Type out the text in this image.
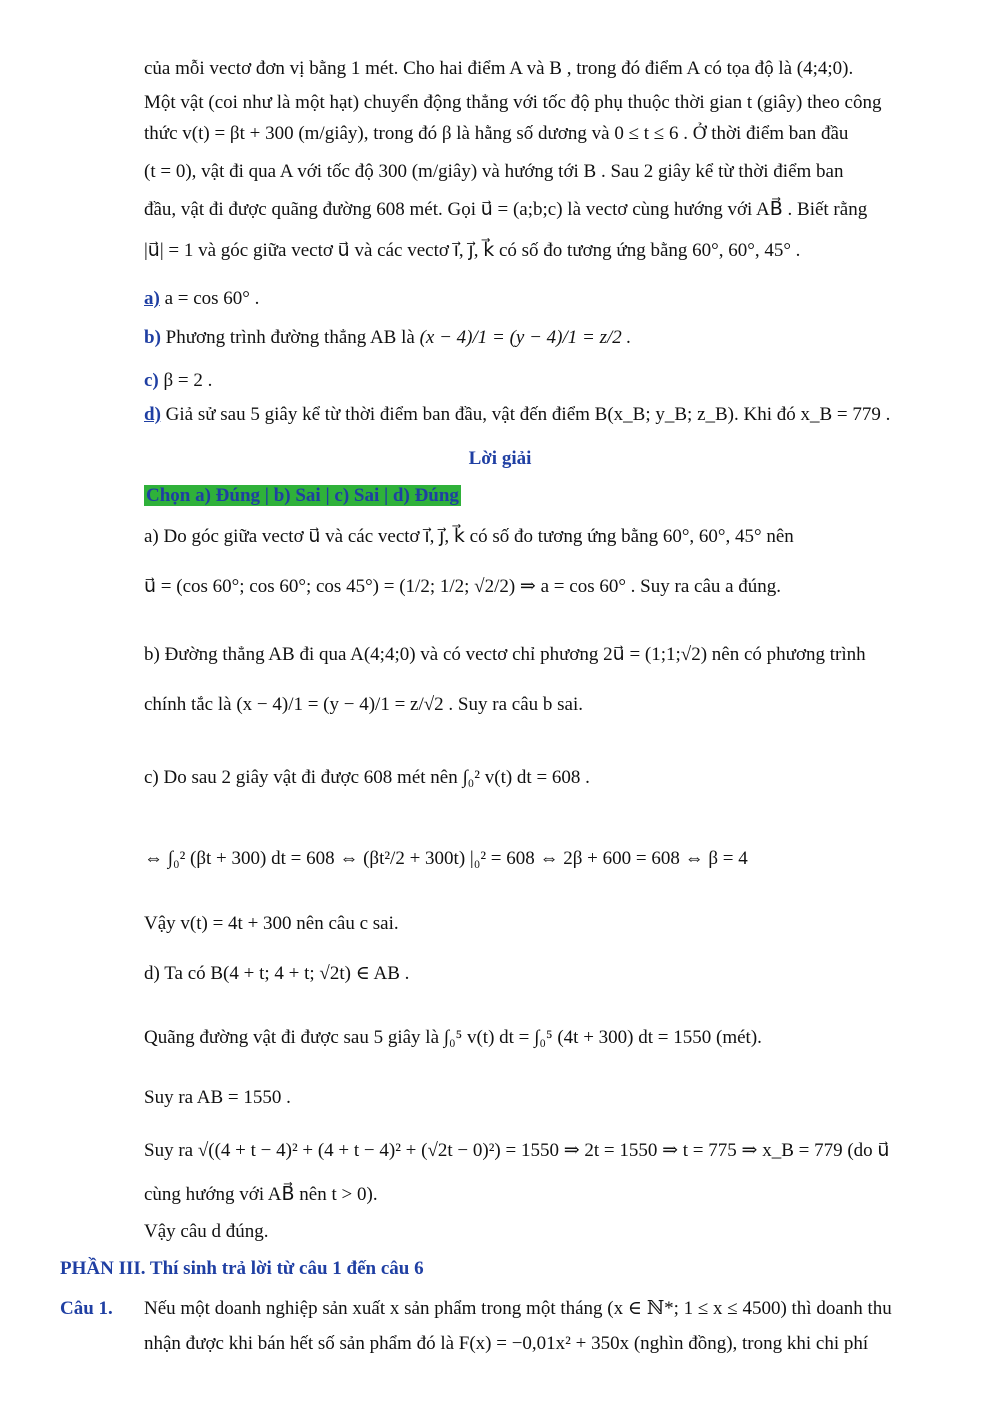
của mỗi vectơ đơn vị bằng 1 mét. Cho hai điểm A và B , trong đó điểm A có tọa độ là (4;4;0).
Một vật (coi như là một hạt) chuyển động thẳng với tốc độ phụ thuộc thời gian t (giây) theo công
thức v(t) = βt + 300 (m/giây), trong đó β là hằng số dương và 0 ≤ t ≤ 6 . Ở thời điểm ban đầu
(t = 0), vật đi qua A với tốc độ 300 (m/giây) và hướng tới B . Sau 2 giây kể từ thời điểm ban
đầu, vật đi được quãng đường 608 mét. Gọi u⃗ = (a;b;c) là vectơ cùng hướng với AB⃗ . Biết rằng
|u⃗| = 1 và góc giữa vectơ u⃗ và các vectơ i⃗, j⃗, k⃗ có số đo tương ứng bằng 60°, 60°, 45° .
a) a = cos 60° .
b) Phương trình đường thẳng AB là (x − 4)/1 = (y − 4)/1 = z/2 .
c) β = 2 .
d) Giả sử sau 5 giây kể từ thời điểm ban đầu, vật đến điểm B(x_B; y_B; z_B). Khi đó x_B = 779 .
Lời giải
Chọn a) Đúng | b) Sai | c) Sai | d) Đúng
a) Do góc giữa vectơ u⃗ và các vectơ i⃗, j⃗, k⃗ có số đo tương ứng bằng 60°, 60°, 45° nên
u⃗ = (cos 60°; cos 60°; cos 45°) = (1/2; 1/2; √2/2) ⇒ a = cos 60° . Suy ra câu a đúng.
b) Đường thẳng AB đi qua A(4;4;0) và có vectơ chỉ phương 2u⃗ = (1;1;√2) nên có phương trình
chính tắc là (x − 4)/1 = (y − 4)/1 = z/√2 . Suy ra câu b sai.
c) Do sau 2 giây vật đi được 608 mét nên ∫₀² v(t) dt = 608 .
⇔ ∫₀² (βt + 300) dt = 608 ⇔ (βt²/2 + 300t) |₀² = 608 ⇔ 2β + 600 = 608 ⇔ β = 4
Vậy v(t) = 4t + 300 nên câu c sai.
d) Ta có B(4 + t; 4 + t; √2t) ∈ AB .
Quãng đường vật đi được sau 5 giây là ∫₀⁵ v(t) dt = ∫₀⁵ (4t + 300) dt = 1550 (mét).
Suy ra AB = 1550 .
Suy ra √((4 + t − 4)² + (4 + t − 4)² + (√2t − 0)²) = 1550 ⇒ 2t = 1550 ⇒ t = 775 ⇒ x_B = 779 (do u⃗
cùng hướng với AB⃗ nên t > 0).
Vậy câu d đúng.
PHẦN III. Thí sinh trả lời từ câu 1 đến câu 6
Câu 1. Nếu một doanh nghiệp sản xuất x sản phẩm trong một tháng (x ∈ ℕ*; 1 ≤ x ≤ 4500) thì doanh thu
nhận được khi bán hết số sản phẩm đó là F(x) = −0,01x² + 350x (nghìn đồng), trong khi chi phí
